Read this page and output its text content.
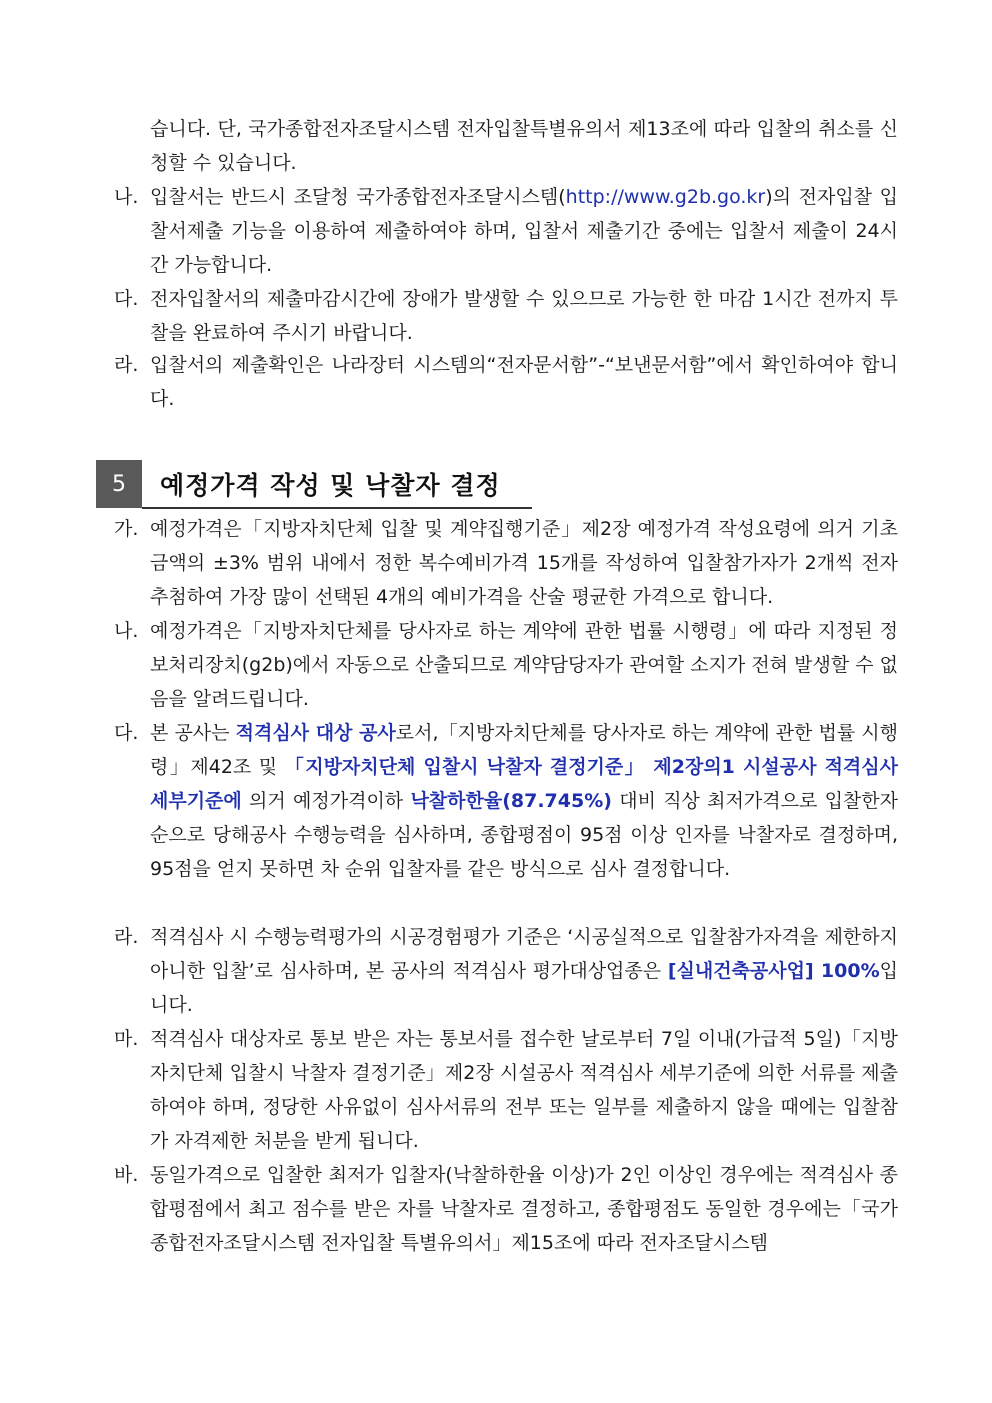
습니다. 단, 국가종합전자조달시스템 전자입찰특별유의서 제13조에 따라 입찰의 취소를 신청할 수 있습니다.
나. 입찰서는 반드시 조달청 국가종합전자조달시스템(http://www.g2b.go.kr)의 전자입찰 입찰서제출 기능을 이용하여 제출하여야 하며, 입찰서 제출기간 중에는 입찰서 제출이 24시간 가능합니다.
다. 전자입찰서의 제출마감시간에 장애가 발생할 수 있으므로 가능한 한 마감 1시간 전까지 투찰을 완료하여 주시기 바랍니다.
라. 입찰서의 제출확인은 나라장터 시스템의“전자문서함”-“보낸문서함”에서 확인하여야 합니다.
5	예정가격 작성 및 낙찰자 결정
가. 예정가격은「지방자치단체 입찰 및 계약집행기준」제2장 예정가격 작성요령에 의거 기초금액의 ±3% 범위 내에서 정한 복수예비가격 15개를 작성하여 입찰참가자가 2개씩 전자 추첨하여 가장 많이 선택된 4개의 예비가격을 산술 평균한 가격으로 합니다.
나. 예정가격은「지방자치단체를 당사자로 하는 계약에 관한 법률 시행령」에 따라 지정된 정보처리장치(g2b)에서 자동으로 산출되므로 계약담당자가 관여할 소지가 전혀 발생할 수 없음을 알려드립니다.
다. 본 공사는 적격심사 대상 공사로서,「지방자치단체를 당사자로 하는 계약에 관한 법률 시행령」제42조 및 「지방자치단체 입찰시 낙찰자 결정기준」 제2장의1 시설공사 적격심사 세부기준에 의거 예정가격이하 낙찰하한율(87.745%) 대비 직상 최저가격으로 입찰한자 순으로 당해공사 수행능력을 심사하며, 종합평점이 95점 이상 인자를 낙찰자로 결정하며, 95점을 얻지 못하면 차 순위 입찰자를 같은 방식으로 심사 결정합니다.
라. 적격심사 시 수행능력평가의 시공경험평가 기준은 ‘시공실적으로 입찰참가자격을 제한하지 아니한 입찰’로 심사하며, 본 공사의 적격심사 평가대상업종은 [실내건축공사업] 100%입니다.
마. 적격심사 대상자로 통보 받은 자는 통보서를 접수한 날로부터 7일 이내(가급적 5일)「지방자치단체 입찰시 낙찰자 결정기준」제2장 시설공사 적격심사 세부기준에 의한 서류를 제출하여야 하며, 정당한 사유없이 심사서류의 전부 또는 일부를 제출하지 않을 때에는 입찰참가 자격제한 처분을 받게 됩니다.
바. 동일가격으로 입찰한 최저가 입찰자(낙찰하한율 이상)가 2인 이상인 경우에는 적격심사 종합평점에서 최고 점수를 받은 자를 낙찰자로 결정하고, 종합평점도 동일한 경우에는「국가종합전자조달시스템 전자입찰 특별유의서」제15조에 따라 전자조달시스템
